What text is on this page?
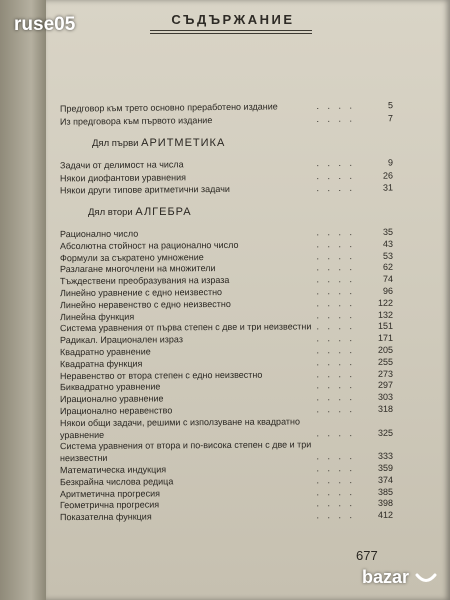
ruse05	СЪДЪРЖАНИЕ
Предговор към трето основно преработено издание	. . . .	5
Из предговора към първото издание	. . . .	7
Дял първи АРИТМЕТИКА
Задачи от делимост на числа	. . . .	9
Някои диофантови уравнения	. . . .	26
Някои други типове аритметични задачи	. . . .	31
Дял втори АЛГЕБРА
Рационално число	. . . .	35
Абсолютна стойност на рационално число	. . . .	43
Формули за съкратено умножение	. . . .	53
Разлагане многочлени на множители	. . . .	62
Тъждествени преобразувания на израза	. . . .	74
Линейно уравнение с едно неизвестно	. . . .	96
Линейно неравенство с едно неизвестно	. . . .	122
Линейна функция	. . . .	132
Система уравнения от първа степен с две и три неизвестни . . . .	151
Радикал. Ирационален израз	. . . .	171
Квадратно уравнение	. . . .	205
Квадратна функция	. . . .	255
Неравенство от втора степен с едно неизвестно	. . . .	273
Биквадратно уравнение	. . . .	297
Ирационално уравнение	. . . .	303
Ирационално неравенство	. . . .	318
Някои общи задачи, решими с използуване на квадратно
уравнение	. . . .	325
Система уравнения от втора и по-висока степен с две и три
неизвестни	. . . .	333
Математическа индукция	. . . .	359
Безкрайна числова редица	. . . .	374
Аритметична прогресия	. . . .	385
Геометрична прогресия	. . . .	398
Показателна функция	. . . .	412
677
bazar
